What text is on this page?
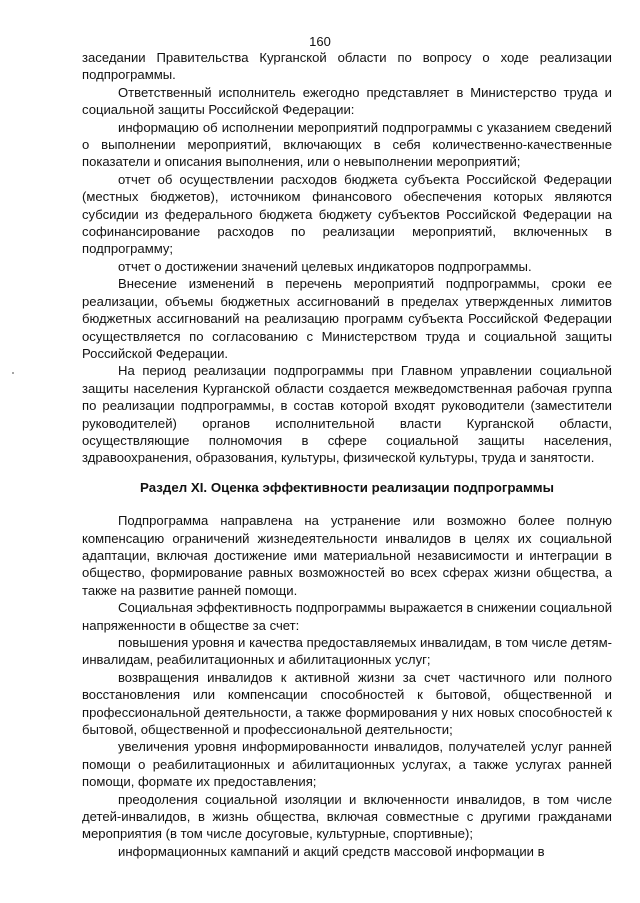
160

заседании Правительства Курганской области по вопросу о ходе реализации подпрограммы.

Ответственный исполнитель ежегодно представляет в Министерство труда и социальной защиты Российской Федерации:

информацию об исполнении мероприятий подпрограммы с указанием сведений о выполнении мероприятий, включающих в себя количественно-качественные показатели и описания выполнения, или о невыполнении мероприятий;

отчет об осуществлении расходов бюджета субъекта Российской Федерации (местных бюджетов), источником финансового обеспечения которых являются субсидии из федерального бюджета бюджету субъектов Российской Федерации на софинансирование расходов по реализации мероприятий, включенных в подпрограмму;

отчет о достижении значений целевых индикаторов подпрограммы.

Внесение изменений в перечень мероприятий подпрограммы, сроки ее реализации, объемы бюджетных ассигнований в пределах утвержденных лимитов бюджетных ассигнований на реализацию программ субъекта Российской Федерации осуществляется по согласованию с Министерством труда и социальной защиты Российской Федерации.

На период реализации подпрограммы при Главном управлении социальной защиты населения Курганской области создается межведомственная рабочая группа по реализации подпрограммы, в состав которой входят руководители (заместители руководителей) органов исполнительной власти Курганской области, осуществляющие полномочия в сфере социальной защиты населения, здравоохранения, образования, культуры, физической культуры, труда и занятости.

Раздел XI. Оценка эффективности реализации подпрограммы

Подпрограмма направлена на устранение или возможно более полную компенсацию ограничений жизнедеятельности инвалидов в целях их социальной адаптации, включая достижение ими материальной независимости и интеграции в общество, формирование равных возможностей во всех сферах жизни общества, а также на развитие ранней помощи.

Социальная эффективность подпрограммы выражается в снижении социальной напряженности в обществе за счет:

повышения уровня и качества предоставляемых инвалидам, в том числе детям-инвалидам, реабилитационных и абилитационных услуг;

возвращения инвалидов к активной жизни за счет частичного или полного восстановления или компенсации способностей к бытовой, общественной и профессиональной деятельности, а также формирования у них новых способностей к бытовой, общественной и профессиональной деятельности;

увеличения уровня информированности инвалидов, получателей услуг ранней помощи о реабилитационных и абилитационных услугах, а также услугах ранней помощи, формате их предоставления;

преодоления социальной изоляции и включенности инвалидов, в том числе детей-инвалидов, в жизнь общества, включая совместные с другими гражданами мероприятия (в том числе досуговые, культурные, спортивные);

информационных кампаний и акций средств массовой информации в
